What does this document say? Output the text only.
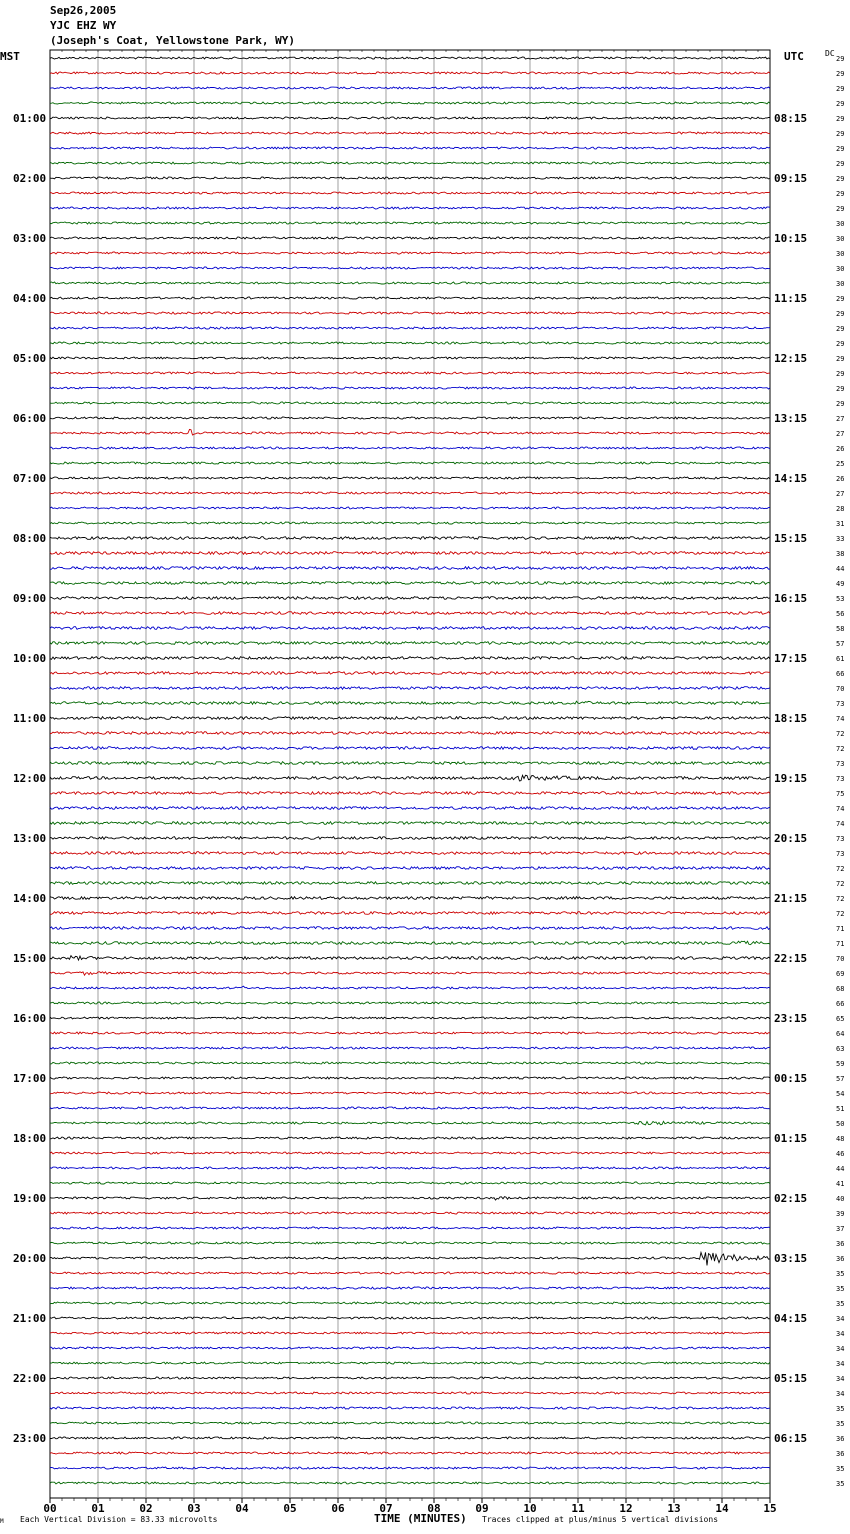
Sep26,2005
YJC EHZ WY
(Joseph's Coat, Yellowstone Park, WY)
MST	UTC	DC
00	01	02	03	04	05	06	07	08	09	10	11	12	13	14	15
29
29
29
29
29
29
29
29
29
29
29
30
30
30
30
30
29
29
29
29
29
29
29
29
27
27
26
25
26
27
28
31
33
38
44
49
53
56
58
57
61
66
70
73
74
72
72
73
73
75
74
74
73
73
72
72
72
72
71
71
70
69
68
66
65
64
63
59
57
54
51
50
48
46
44
41
40
39
37
36
36
35
35
35
34
34
34
34
34
34
35
35
36
36
35
35
01:00
02:00
03:00
04:00
05:00
06:00
07:00
08:00
09:00
10:00
11:00
12:00
13:00
14:00
15:00
16:00
17:00
18:00
19:00
20:00
21:00
22:00
23:00
08:15
09:15
10:15
11:15
12:15
13:15
14:15
15:15
16:15
17:15
18:15
19:15
20:15
21:15
22:15
23:15
00:15
01:15
02:15
03:15
04:15
05:15
06:15
M Each Vertical Division = 83.33 microvolts	TIME (MINUTES) Traces clipped at plus/minus 5 vertical divisions
